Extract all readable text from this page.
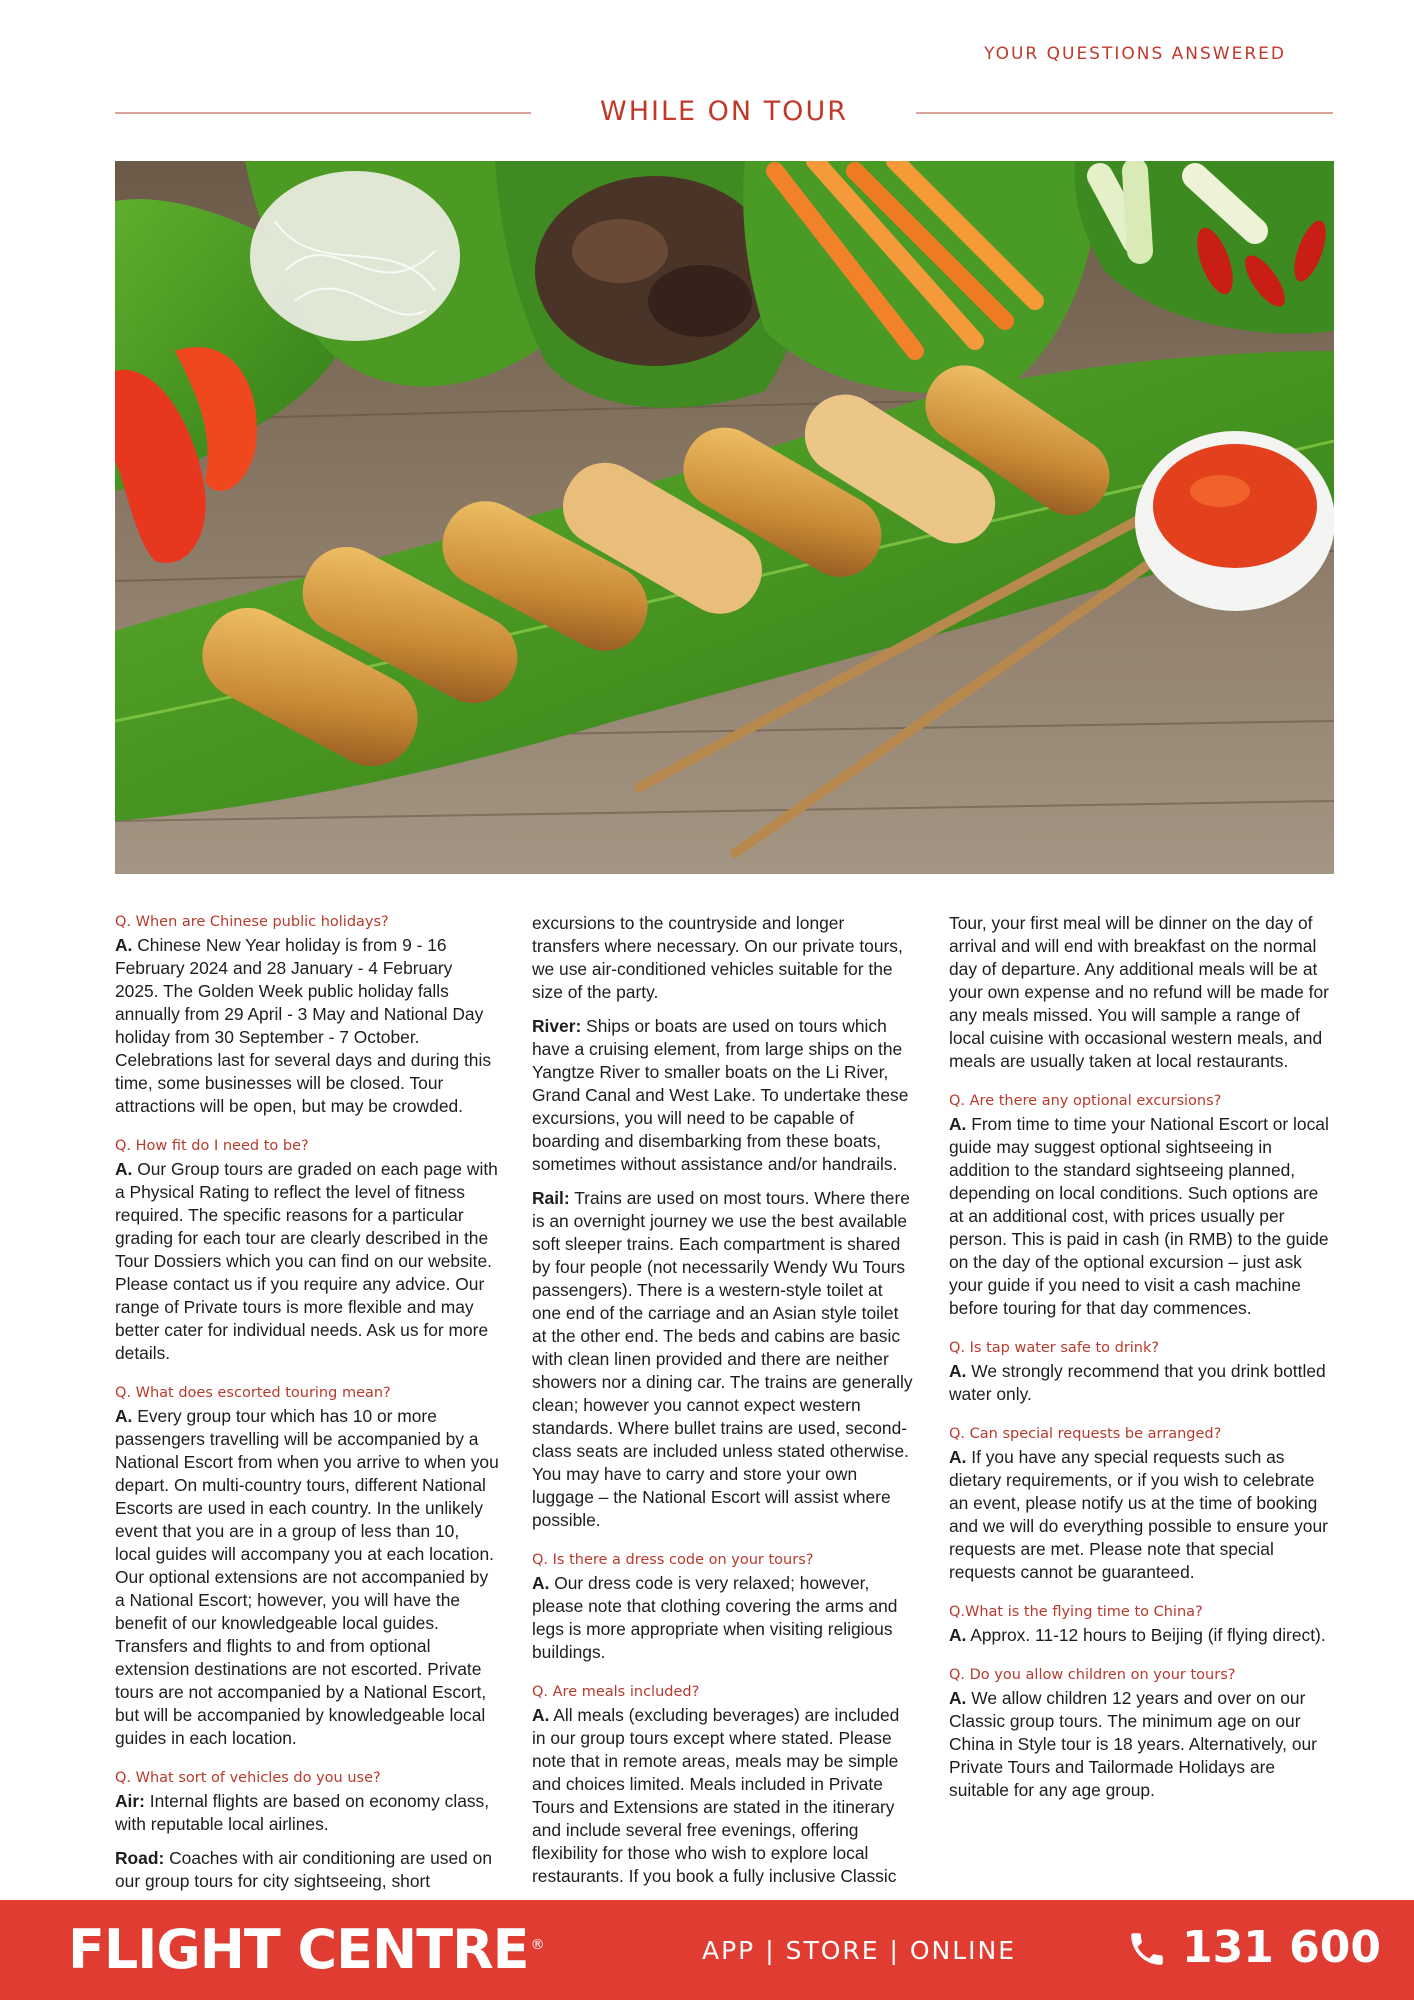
YOUR QUESTIONS ANSWERED
WHILE ON TOUR
Q. When are Chinese public holidays?

A. Chinese New Year holiday is from 9 - 16 February 2024 and 28 January - 4 February 2025. The Golden Week public holiday falls annually from 29 April - 3 May and National Day holiday from 30 September - 7 October. Celebrations last for several days and during this time, some businesses will be closed. Tour attractions will be open, but may be crowded.

Q. How fit do I need to be?

A. Our Group tours are graded on each page with a Physical Rating to reflect the level of fitness required. The specific reasons for a particular grading for each tour are clearly described in the Tour Dossiers which you can find on our website. Please contact us if you require any advice. Our range of Private tours is more flexible and may better cater for individual needs. Ask us for more details.

Q. What does escorted touring mean?

A. Every group tour which has 10 or more passengers travelling will be accompanied by a National Escort from when you arrive to when you depart. On multi-country tours, different National Escorts are used in each country. In the unlikely event that you are in a group of less than 10, local guides will accompany you at each location. Our optional extensions are not accompanied by a National Escort; however, you will have the benefit of our knowledgeable local guides. Transfers and flights to and from optional extension destinations are not escorted. Private tours are not accompanied by a National Escort, but will be accompanied by knowledgeable local guides in each location.

Q. What sort of vehicles do you use?

Air: Internal flights are based on economy class, with reputable local airlines.

Road: Coaches with air conditioning are used on our group tours for city sightseeing, short

excursions to the countryside and longer transfers where necessary. On our private tours, we use air-conditioned vehicles suitable for the size of the party.

River: Ships or boats are used on tours which have a cruising element, from large ships on the Yangtze River to smaller boats on the Li River, Grand Canal and West Lake. To undertake these excursions, you will need to be capable of boarding and disembarking from these boats, sometimes without assistance and/or handrails.

Rail: Trains are used on most tours. Where there is an overnight journey we use the best available soft sleeper trains. Each compartment is shared by four people (not necessarily Wendy Wu Tours passengers). There is a western-style toilet at one end of the carriage and an Asian style toilet at the other end. The beds and cabins are basic with clean linen provided and there are neither showers nor a dining car. The trains are generally clean; however you cannot expect western standards. Where bullet trains are used, second-class seats are included unless stated otherwise. You may have to carry and store your own luggage – the National Escort will assist where possible.

Q. Is there a dress code on your tours?

A. Our dress code is very relaxed; however, please note that clothing covering the arms and legs is more appropriate when visiting religious buildings.

Q. Are meals included?

A. All meals (excluding beverages) are included in our group tours except where stated. Please note that in remote areas, meals may be simple and choices limited. Meals included in Private Tours and Extensions are stated in the itinerary and include several free evenings, offering flexibility for those who wish to explore local restaurants. If you book a fully inclusive Classic

Tour, your first meal will be dinner on the day of arrival and will end with breakfast on the normal day of departure. Any additional meals will be at your own expense and no refund will be made for any meals missed. You will sample a range of local cuisine with occasional western meals, and meals are usually taken at local restaurants.

Q. Are there any optional excursions?

A. From time to time your National Escort or local guide may suggest optional sightseeing in addition to the standard sightseeing planned, depending on local conditions. Such options are at an additional cost, with prices usually per person. This is paid in cash (in RMB) to the guide on the day of the optional excursion – just ask your guide if you need to visit a cash machine before touring for that day commences.

Q. Is tap water safe to drink?

A. We strongly recommend that you drink bottled water only.

Q. Can special requests be arranged?

A. If you have any special requests such as dietary requirements, or if you wish to celebrate an event, please notify us at the time of booking and we will do everything possible to ensure your requests are met. Please note that special requests cannot be guaranteed.

Q.What is the flying time to China?

A. Approx. 11-12 hours to Beijing (if flying direct).

Q. Do you allow children on your tours?

A. We allow children 12 years and over on our Classic group tours. The minimum age on our China in Style tour is 18 years. Alternatively, our Private Tours and Tailormade Holidays are suitable for any age group.

FLIGHT CENTRE ®	APP | STORE | ONLINE	131 600
